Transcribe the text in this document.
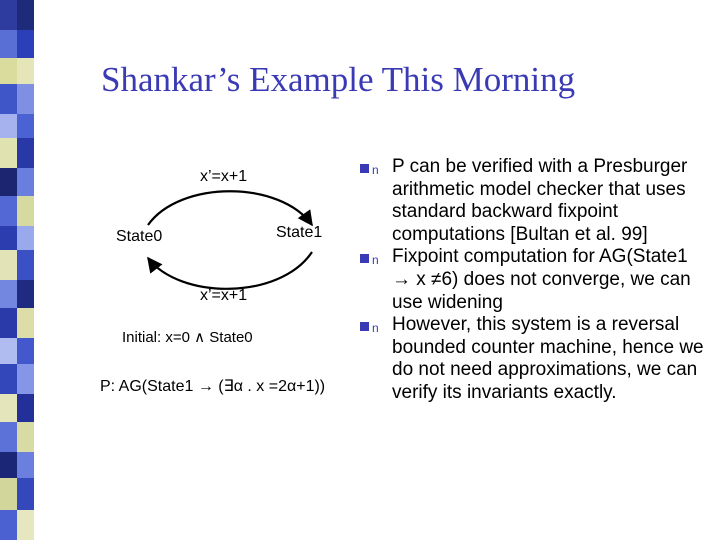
Shankar’s Example This Morning
x’=x+1
State0	State1
x’=x+1
Initial: x=0 ∧ State0
P: AG(State1 → (∃α . x =2α+1))
n P can be verified with a Presburger arithmetic model checker that uses standard backward fixpoint computations [Bultan et al. 99]
n Fixpoint computation for AG(State1 → x ≠6) does not converge, we can use widening
n However, this system is a reversal bounded counter machine, hence we do not need approximations, we can verify its invariants exactly.
